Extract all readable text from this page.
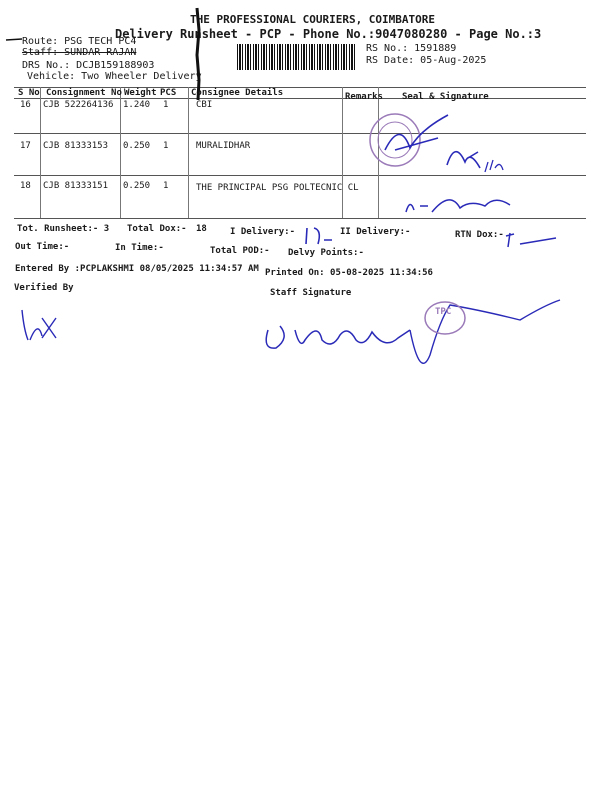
THE PROFESSIONAL COURIERS, COIMBATORE
Delivery Runsheet - PCP - Phone No.:9047080280 - Page No.:3
Route: PSG TECH PC4
Staff: SUNDAR RAJAN
DRS No.: DCJB159188903
Vehicle: Two Wheeler Delivery
RS No.: 1591889
RS Date: 05-Aug-2025
S No Consignment No Weight PCS Consignee Details	Remarks Seal & Signature
16 CJB 522264136 1.240 1	CBI
17 CJB 81333153 0.250 1	MURALIDHAR
18 CJB 81333151 0.250 1	THE PRINCIPAL PSG POLTECNIC CL
Tot. Runsheet:- 3 Total Dox:- 18	I Delivery:-	II Delivery:-	RTN Dox:-
Out Time:-	In Time:-	Total POD:- Delvy Points:-
Entered By :PCPLAKSHMI 08/05/2025 11:34:57 AM Printed On: 05-08-2025 11:34:56
Verified By	Staff Signature
TPC
